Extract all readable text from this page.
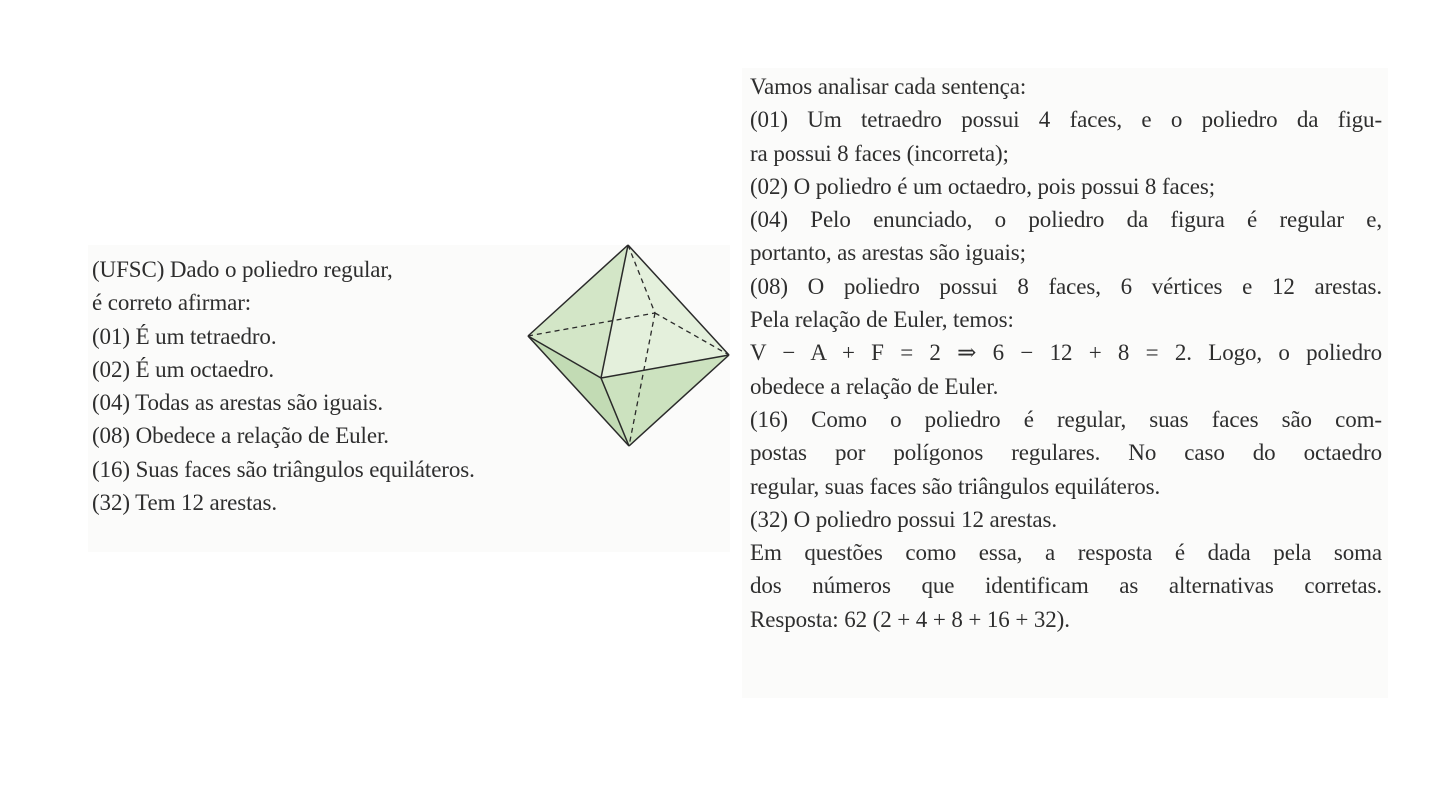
(UFSC) Dado o poliedro regular,
é correto afirmar:
(01) É um tetraedro.
(02) É um octaedro.
(04) Todas as arestas são iguais.
(08) Obedece a relação de Euler.
(16) Suas faces são triângulos equiláteros.
(32) Tem 12 arestas.
Vamos analisar cada sentença:
(01) Um tetraedro possui 4 faces, e o poliedro da figu-
ra possui 8 faces (incorreta);
(02) O poliedro é um octaedro, pois possui 8 faces;
(04) Pelo enunciado, o poliedro da figura é regular e,
portanto, as arestas são iguais;
(08) O poliedro possui 8 faces, 6 vértices e 12 arestas.
Pela relação de Euler, temos:
V − A + F = 2 ⇒ 6 − 12 + 8 = 2. Logo, o poliedro
obedece a relação de Euler.
(16) Como o poliedro é regular, suas faces são com-
postas por polígonos regulares. No caso do octaedro
regular, suas faces são triângulos equiláteros.
(32) O poliedro possui 12 arestas.
Em questões como essa, a resposta é dada pela soma
dos números que identificam as alternativas corretas.
Resposta: 62 (2 + 4 + 8 + 16 + 32).
